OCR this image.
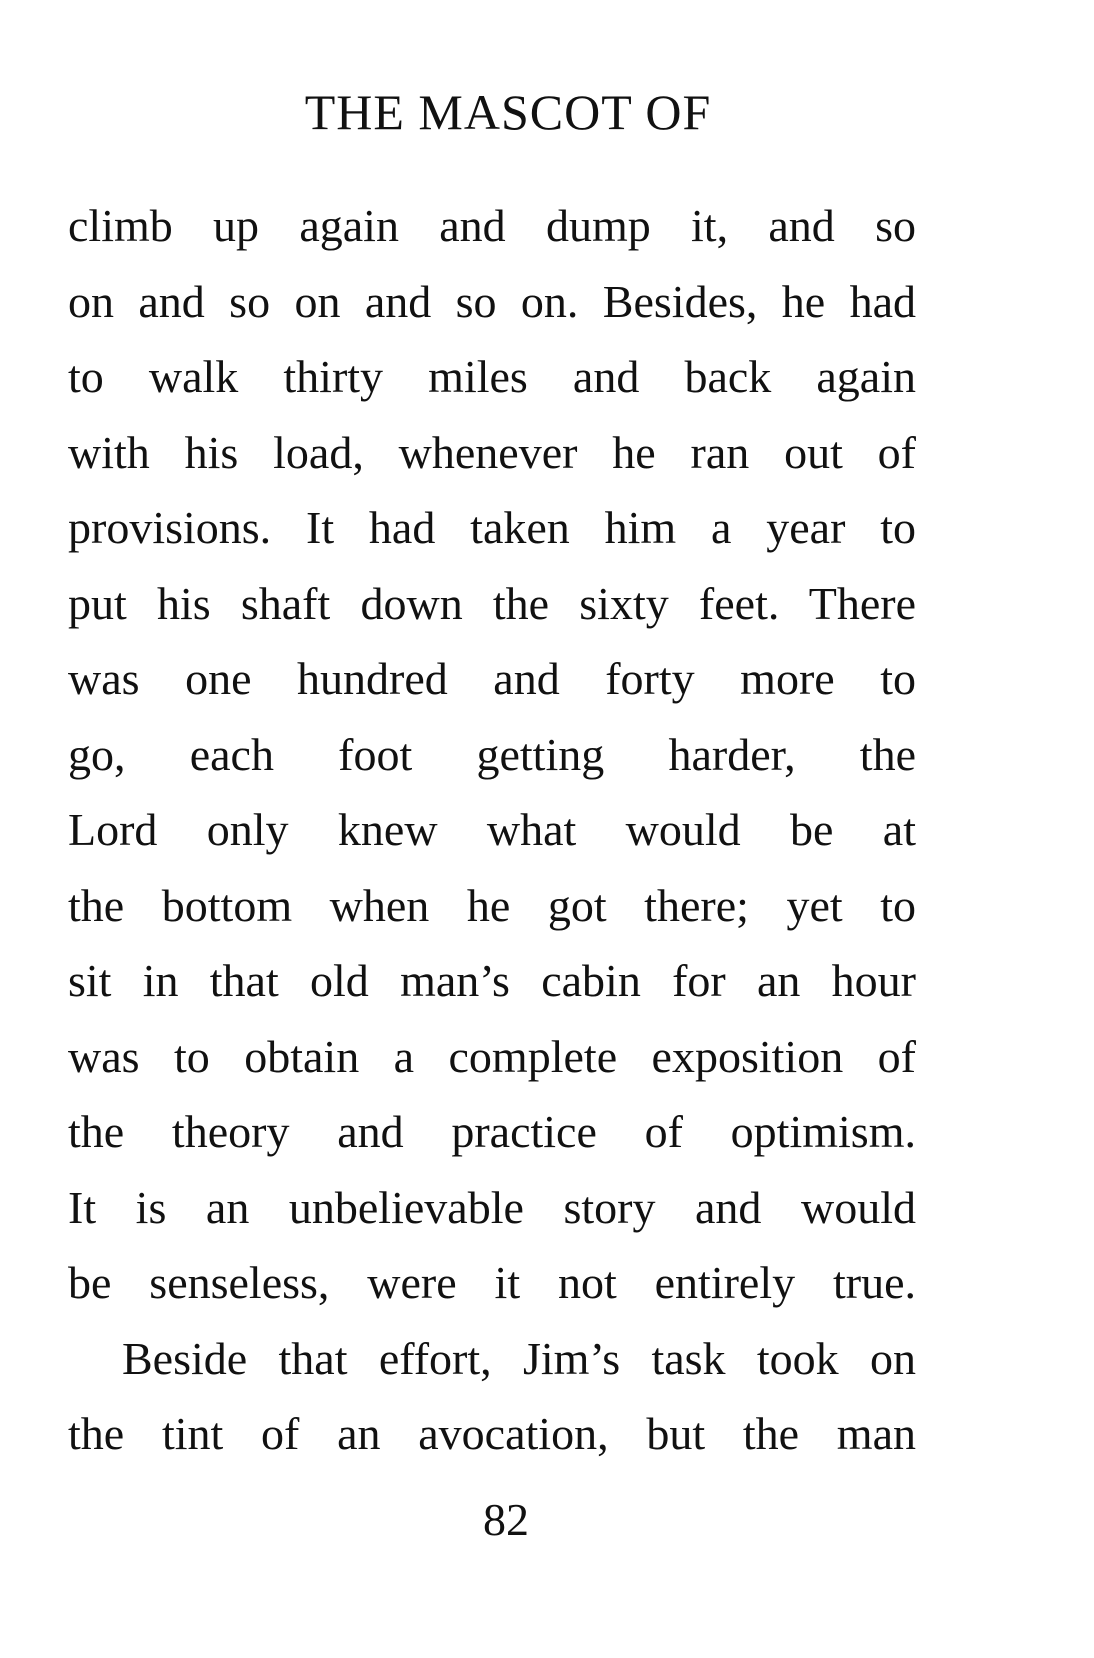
THE MASCOT OF
climb up again and dump it, and so
on and so on and so on. Besides, he had
to walk thirty miles and back again
with his load, whenever he ran out of
provisions. It had taken him a year to
put his shaft down the sixty feet. There
was one hundred and forty more to
go, each foot getting harder, the
Lord only knew what would be at
the bottom when he got there; yet to
sit in that old man’s cabin for an hour
was to obtain a complete exposition of
the theory and practice of optimism.
It is an unbelievable story and would
be senseless, were it not entirely true.
Beside that effort, Jim’s task took on
the tint of an avocation, but the man
82
